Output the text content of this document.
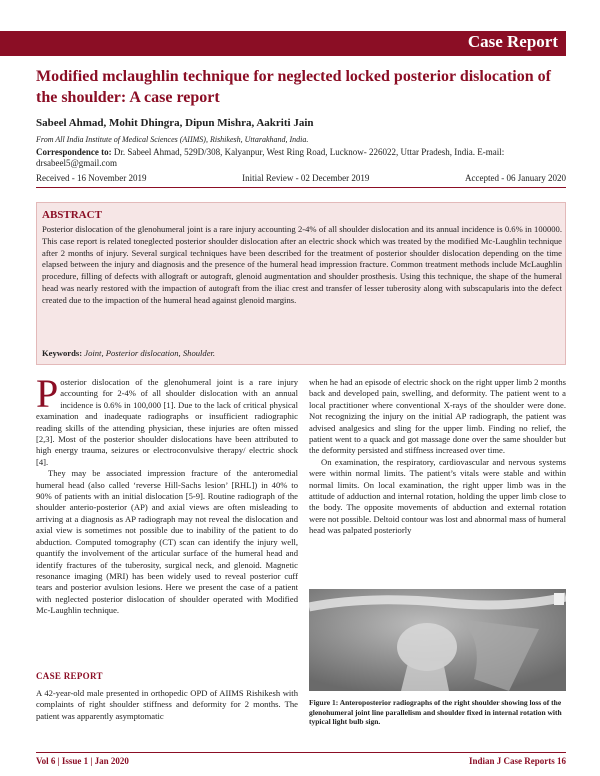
Case Report
Modified mclaughlin technique for neglected locked posterior dislocation of the shoulder: A case report
Sabeel Ahmad, Mohit Dhingra, Dipun Mishra, Aakriti Jain
From All India Institute of Medical Sciences (AIIMS), Rishikesh, Uttarakhand, India.
Correspondence to: Dr. Sabeel Ahmad, 529D/308, Kalyanpur, West Ring Road, Lucknow- 226022, Uttar Pradesh, India. E-mail: drsabeel5@gmail.com
Received - 16 November 2019	Initial Review - 02 December 2019	Accepted - 06 January 2020
ABSTRACT
Posterior dislocation of the glenohumeral joint is a rare injury accounting 2-4% of all shoulder dislocation and its annual incidence is 0.6% in 100000. This case report is related toneglected posterior shoulder dislocation after an electric shock which was treated by the modified Mc-Laughlin technique after 2 months of injury. Several surgical techniques have been described for the treatment of posterior shoulder dislocation depending on the time elapsed between the injury and diagnosis and the presence of the humeral head impression fracture. Common treatment methods include McLaughlin procedure, filling of defects with allograft or autograft, glenoid augmentation and shoulder prosthesis. Using this technique, the shape of the humeral head was nearly restored with the impaction of autograft from the iliac crest and transfer of lesser tuberosity along with subscapularis into the defect created due to the impaction of the humeral head against glenoid margins.
Keywords: Joint, Posterior dislocation, Shoulder.

Posterior dislocation of the glenohumeral joint is a rare injury accounting for 2-4% of all shoulder dislocation with an annual incidence is 0.6% in 100,000 [1]. Due to the lack of critical physical examination and inadequate radiographs or insufficient radiographic reading skills of the attending physician, these injuries are often missed [2,3]. Most of the posterior shoulder dislocations have been attributed to high energy trauma, seizures or electroconvulsive therapy/ electric shock [4].

They may be associated impression fracture of the anteromedial humeral head (also called ‘reverse Hill-Sachs lesion’ [RHL]) in 40% to 90% of patients with an initial dislocation [5-9]. Routine radiograph of the shoulder anterio-posterior (AP) and axial views are often misleading to arriving at a diagnosis as AP radiograph may not reveal the dislocation and axial view is sometimes not possible due to inability of the patient to do abduction. Computed tomography (CT) scan can identify the injury well, quantify the involvement of the articular surface of the humeral head and identify fractures of the tuberosity, surgical neck, and glenoid. Magnetic resonance imaging (MRI) has been widely used to reveal posterior cuff tears and posterior avulsion lesions. Here we present the case of a patient with neglected posterior dislocation of shoulder operated with Modified Mc-Laughlin technique.

CASE REPORT

A 42-year-old male presented in orthopedic OPD of AIIMS Rishikesh with complaints of right shoulder stiffness and deformity for 2 months. The patient was apparently asymptomatic

when he had an episode of electric shock on the right upper limb 2 months back and developed pain, swelling, and deformity. The patient went to a local practitioner where conventional X-rays of the shoulder were done. Not recognizing the injury on the initial AP radiograph, the patient was advised analgesics and sling for the upper limb. Finding no relief, the patient went to a quack and got massage done over the same shoulder but the deformity persisted and stiffness increased over time.

On examination, the respiratory, cardiovascular and nervous systems were within normal limits. The patient’s vitals were stable and within normal limits. On local examination, the right upper limb was in the attitude of adduction and internal rotation, holding the upper limb close to the body. The opposite movements of abduction and external rotation were not possible. Deltoid contour was lost and abnormal mass of humeral head was palpated posteriorly

Figure 1: Anteroposterior radiographs of the right shoulder showing loss of the glenohumeral joint line parallelism and shoulder fixed in internal rotation with typical light bulb sign.
Vol 6 | Issue 1 | Jan 2020	Indian J Case Reports 16
